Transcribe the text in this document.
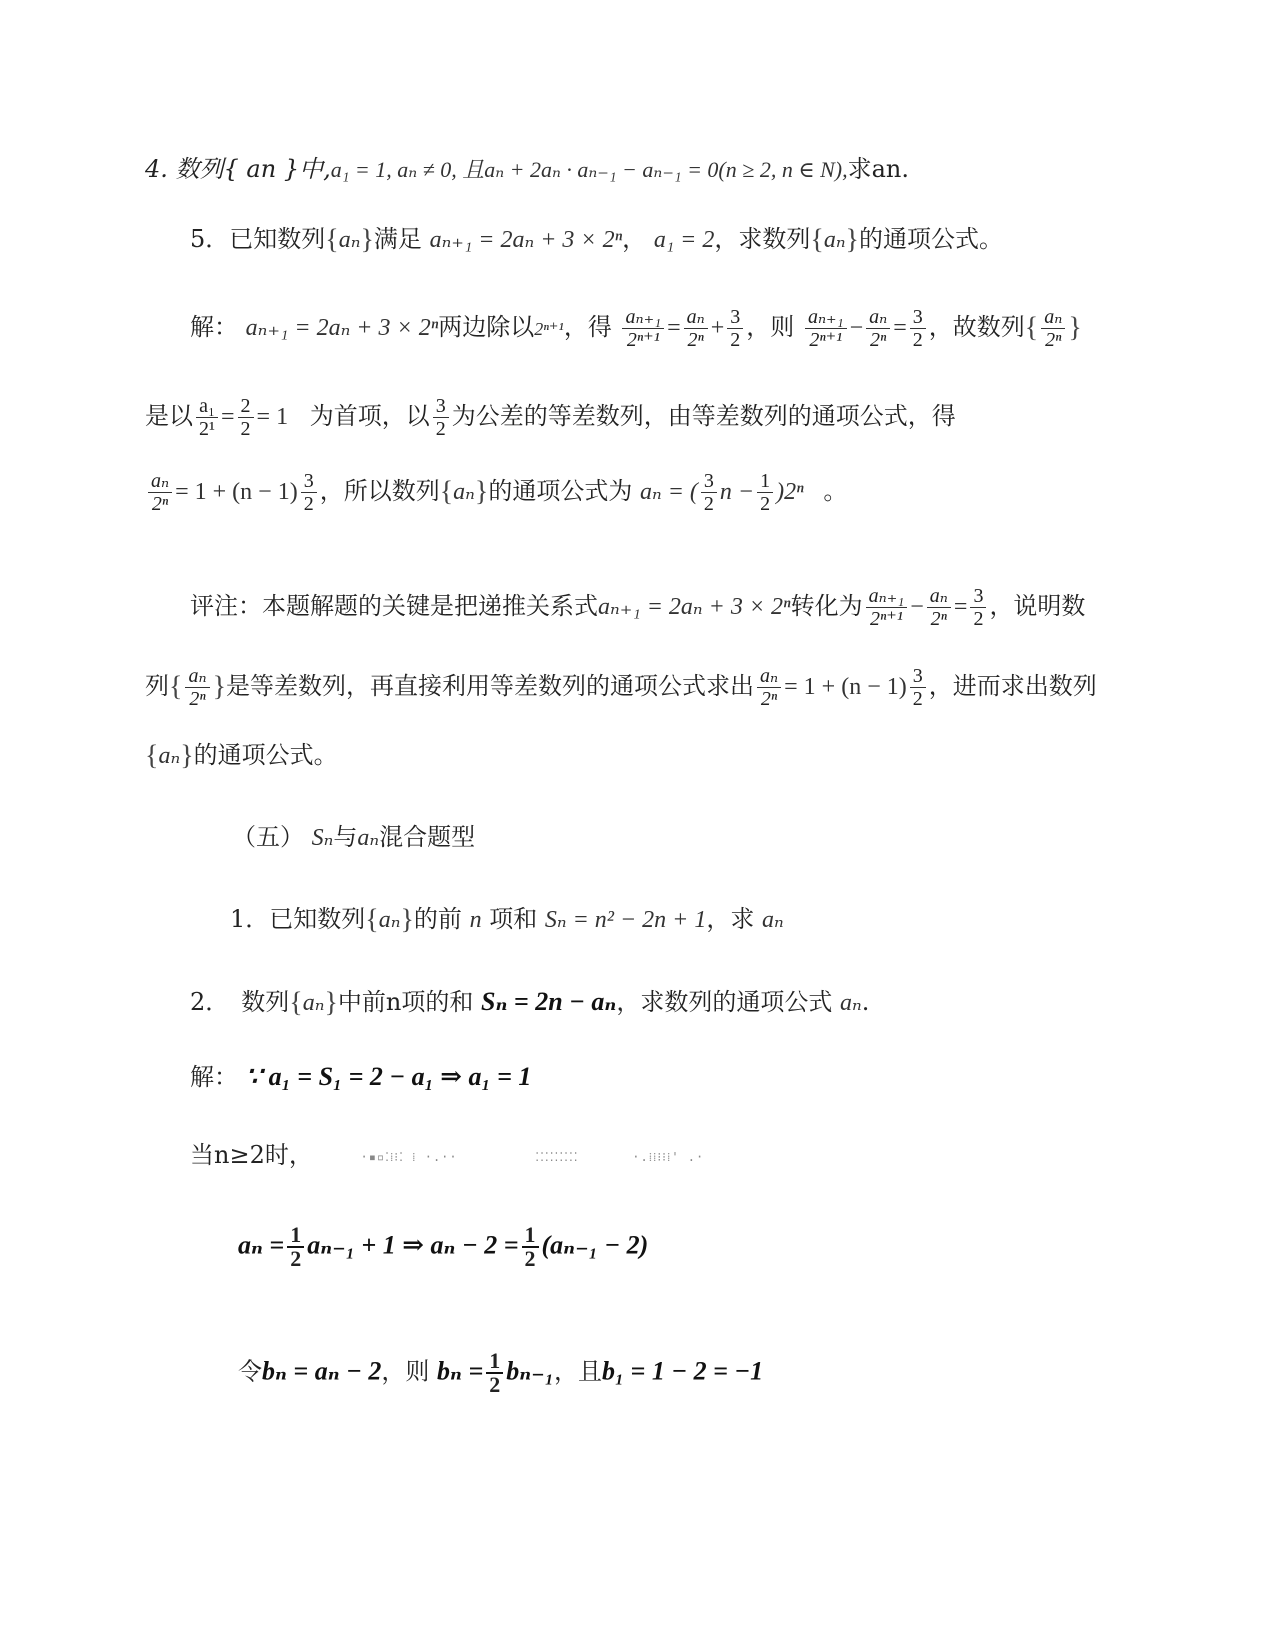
4. 数列{ an }中,a₁ = 1, aₙ ≠ 0, 且aₙ + 2aₙ · aₙ₋₁ − aₙ₋₁ = 0(n ≥ 2, n ∈ N),求an.
5．已知数列{aₙ}满足 aₙ₊₁ = 2aₙ + 3 × 2ⁿ， a₁ = 2，求数列{aₙ}的通项公式。
解： aₙ₊₁ = 2aₙ + 3 × 2ⁿ两边除以2ⁿ⁺¹，得 $\frac{\text{aₙ₊₁}}{\text{2ⁿ⁺¹}} = \frac{\text{aₙ}}{\text{2ⁿ}} + \frac{3}{2}$ ，则 $\frac{\text{aₙ₊₁}}{\text{2ⁿ⁺¹}} - \frac{\text{aₙ}}{\text{2ⁿ}} = \frac{3}{2}$ ，故数列{ $\frac{\text{aₙ}}{\text{2ⁿ}}$ }
是以 $\frac{\text{a₁}}{\text{2¹}} = \frac{2}{2} = 1$ 为首项，以 $\frac{3}{2}$ 为公差的等差数列，由等差数列的通项公式，得
$\frac{\text{aₙ}}{\text{2ⁿ}} = 1 + (n - 1) \frac{3}{2}$ ，所以数列{aₙ}的通项公式为 aₙ = ( $\frac{3}{2}$ $n - \frac{1}{2} )2^n$ 。
评注：本题解题的关键是把递推关系式aₙ₊₁ = 2aₙ + 3 × 2ⁿ转化为 $\frac{\text{aₙ₊₁}}{\text{2ⁿ⁺¹}} - \frac{\text{aₙ}}{\text{2ⁿ}} = \frac{3}{2}$ ，说明数
列{ $\frac{\text{aₙ}}{\text{2ⁿ}}$ }是等差数列，再直接利用等差数列的通项公式求出 $\frac{\text{aₙ}}{\text{2ⁿ}} = 1 + (n - 1) \frac{3}{2}$ ，进而求出数列
{aₙ}的通项公式。
（五） Sₙ与aₙ混合题型
1．已知数列{aₙ}的前 n 项和 Sₙ = n² − 2n + 1，求 aₙ
2．　数列{aₙ}中前n项的和 Sₙ = 2n − aₙ，求数列的通项公式 aₙ.
解： ∵ a₁ = S₁ = 2 − a₁ ⇒ a₁ = 1
当n≥2时，	·▪▫⁚⁞⁝⁚ ⁞ ·.··	⁚⁚⁚⁚⁚⁚⁚⁚⁚	·.⁞⁞⁝⁝⁞' .·
$a_n = \frac{1}{2} a_{n-1} + 1$ ⇒ $a_n - 2 = \frac{1}{2} (a_{n-1} - 2)$
令bₙ = aₙ − 2，则 $b_n = \frac{1}{2} b_{n-1}$，且b₁ = 1 − 2 = −1
